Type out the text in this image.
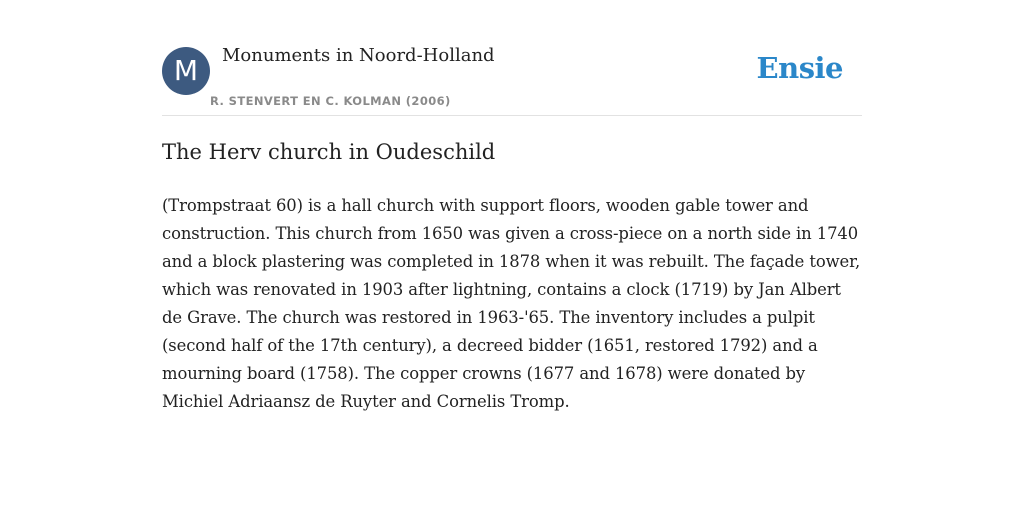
M	Monuments in Noord-Holland
R. STENVERT EN C. KOLMAN (2006)
Ensie
The Herv church in Oudeschild

(Trompstraat 60) is a hall church with support floors, wooden gable tower and construction. This church from 1650 was given a cross-piece on a north side in 1740 and a block plastering was completed in 1878 when it was rebuilt. The façade tower, which was renovated in 1903 after lightning, contains a clock (1719) by Jan Albert de Grave. The church was restored in 1963-'65. The inventory includes a pulpit (second half of the 17th century), a decreed bidder (1651, restored 1792) and a mourning board (1758). The copper crowns (1677 and 1678) were donated by Michiel Adriaansz de Ruyter and Cornelis Tromp.
